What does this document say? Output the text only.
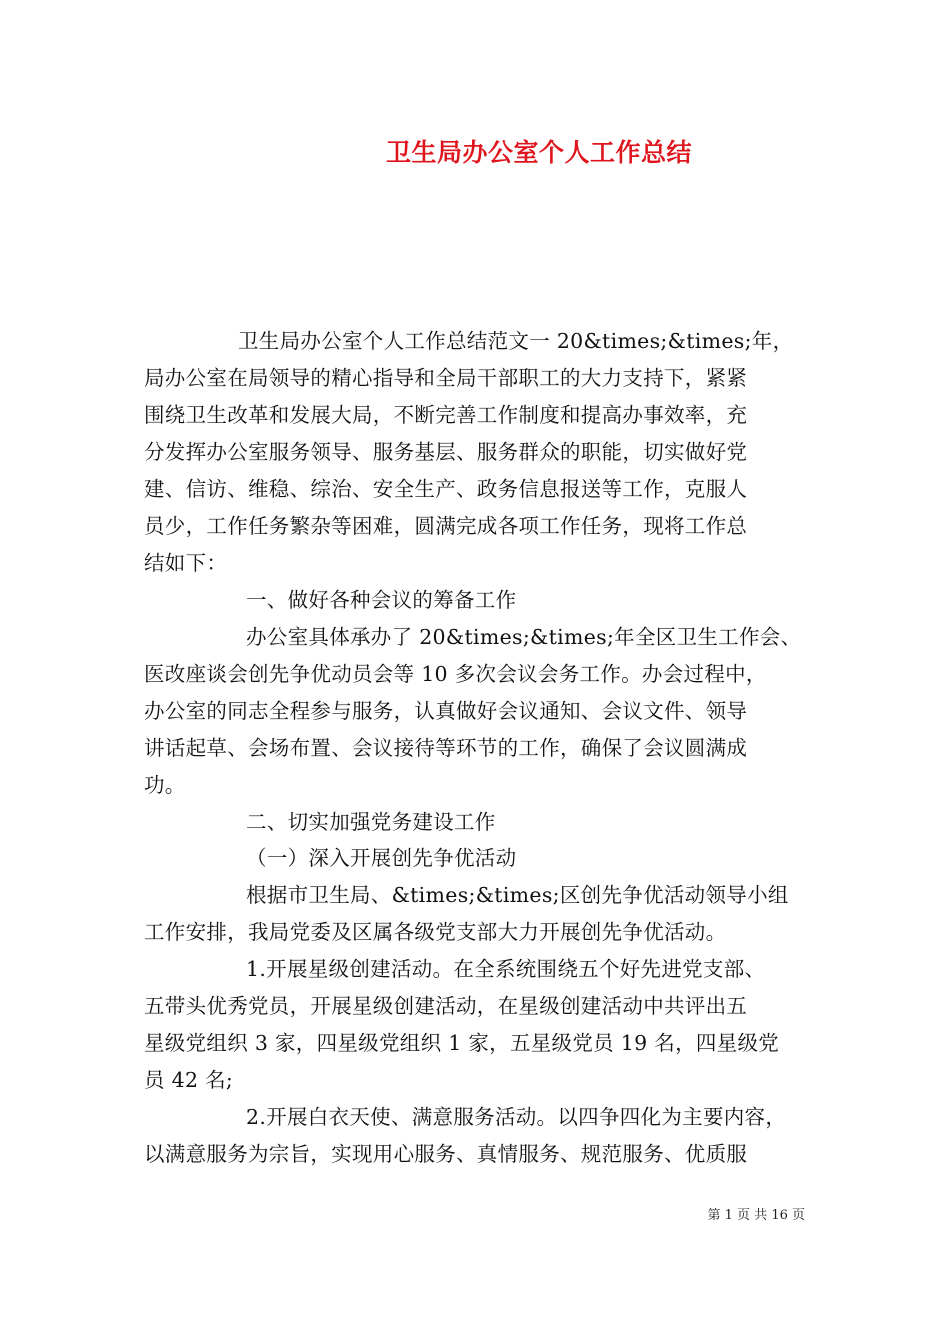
卫生局办公室个人工作总结
卫生局办公室个人工作总结范文一 20&times;&times;年，
局办公室在局领导的精心指导和全局干部职工的大力支持下，紧紧
围绕卫生改革和发展大局，不断完善工作制度和提高办事效率，充
分发挥办公室服务领导、服务基层、服务群众的职能，切实做好党
建、信访、维稳、综治、安全生产、政务信息报送等工作，克服人
员少，工作任务繁杂等困难，圆满完成各项工作任务，现将工作总
结如下：
一、做好各种会议的筹备工作
办公室具体承办了 20&times;&times;年全区卫生工作会、
医改座谈会创先争优动员会等 10 多次会议会务工作。办会过程中，
办公室的同志全程参与服务，认真做好会议通知、会议文件、领导
讲话起草、会场布置、会议接待等环节的工作，确保了会议圆满成
功。
二、切实加强党务建设工作
（一）深入开展创先争优活动
根据市卫生局、&times;&times;区创先争优活动领导小组
工作安排，我局党委及区属各级党支部大力开展创先争优活动。
1.开展星级创建活动。在全系统围绕五个好先进党支部、
五带头优秀党员，开展星级创建活动，在星级创建活动中共评出五
星级党组织 3 家，四星级党组织 1 家，五星级党员 19 名，四星级党
员 42 名;
2.开展白衣天使、满意服务活动。以四争四化为主要内容，
以满意服务为宗旨，实现用心服务、真情服务、规范服务、优质服
第 1 页 共 16 页
